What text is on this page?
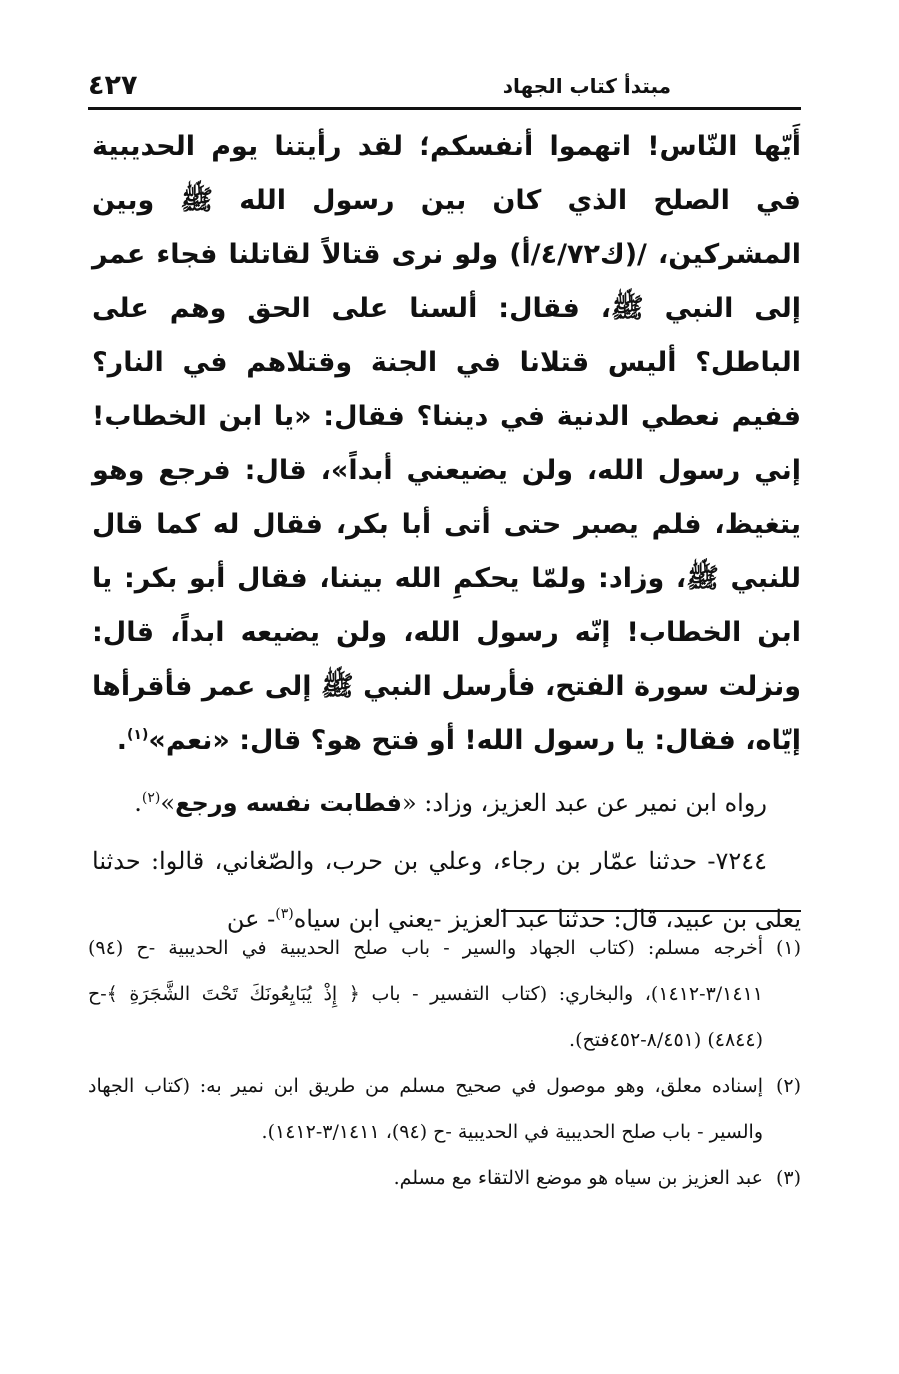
٤٢٧	مبتدأ كتاب الجهاد

أَيّها النّاس! اتهموا أنفسكم؛ لقد رأيتنا يوم الحديبية في الصلح الذي كان بين رسول الله ﷺ وبين المشركين، /(ك٤/٧٢/أ) ولو نرى قتالاً لقاتلنا فجاء عمر إلى النبي ﷺ، فقال: ألسنا على الحق وهم على الباطل؟ أليس قتلانا في الجنة وقتلاهم في النار؟ ففيم نعطي الدنية في ديننا؟ فقال: «يا ابن الخطاب! إني رسول الله، ولن يضيعني أبداً»، قال: فرجع وهو يتغيظ، فلم يصبر حتى أتى أبا بكر، فقال له كما قال للنبي ﷺ، وزاد: ولمّا يحكمِ الله بيننا، فقال أبو بكر: يا ابن الخطاب! إنّه رسول الله، ولن يضيعه ابداً، قال: ونزلت سورة الفتح، فأرسل النبي ﷺ إلى عمر فأقرأها إيّاه، فقال: يا رسول الله! أو فتح هو؟ قال: «نعم»$^{(١)}$.

رواه ابن نمير عن عبد العزيز، وزاد: «فطابت نفسه ورجع»$^{(٢)}$.

٧٢٤٤- حدثنا عمّار بن رجاء، وعلي بن حرب، والصّغاني، قالوا: حدثنا يعلى بن عبيد، قال: حدثنا عبد العزيز -يعني ابن سياه$^{(٣)}$- عن

(١)أخرجه مسلم: (كتاب الجهاد والسير - باب صلح الحديبية في الحديبية -ح (٩٤) ٣/١٤١١-١٤١٢)، والبخاري: (كتاب التفسير - باب ﴿ إِذْ يُبَايِعُونَكَ تَحْتَ الشَّجَرَةِ ﴾-ح (٤٨٤٤) (٨/٤٥١-٤٥٢فتح).

(٢)إسناده معلق، وهو موصول في صحيح مسلم من طريق ابن نمير به: (كتاب الجهاد والسير - باب صلح الحديبية في الحديبية -ح (٩٤)، ٣/١٤١١-١٤١٢).

(٣)عبد العزيز بن سياه هو موضع الالتقاء مع مسلم.
